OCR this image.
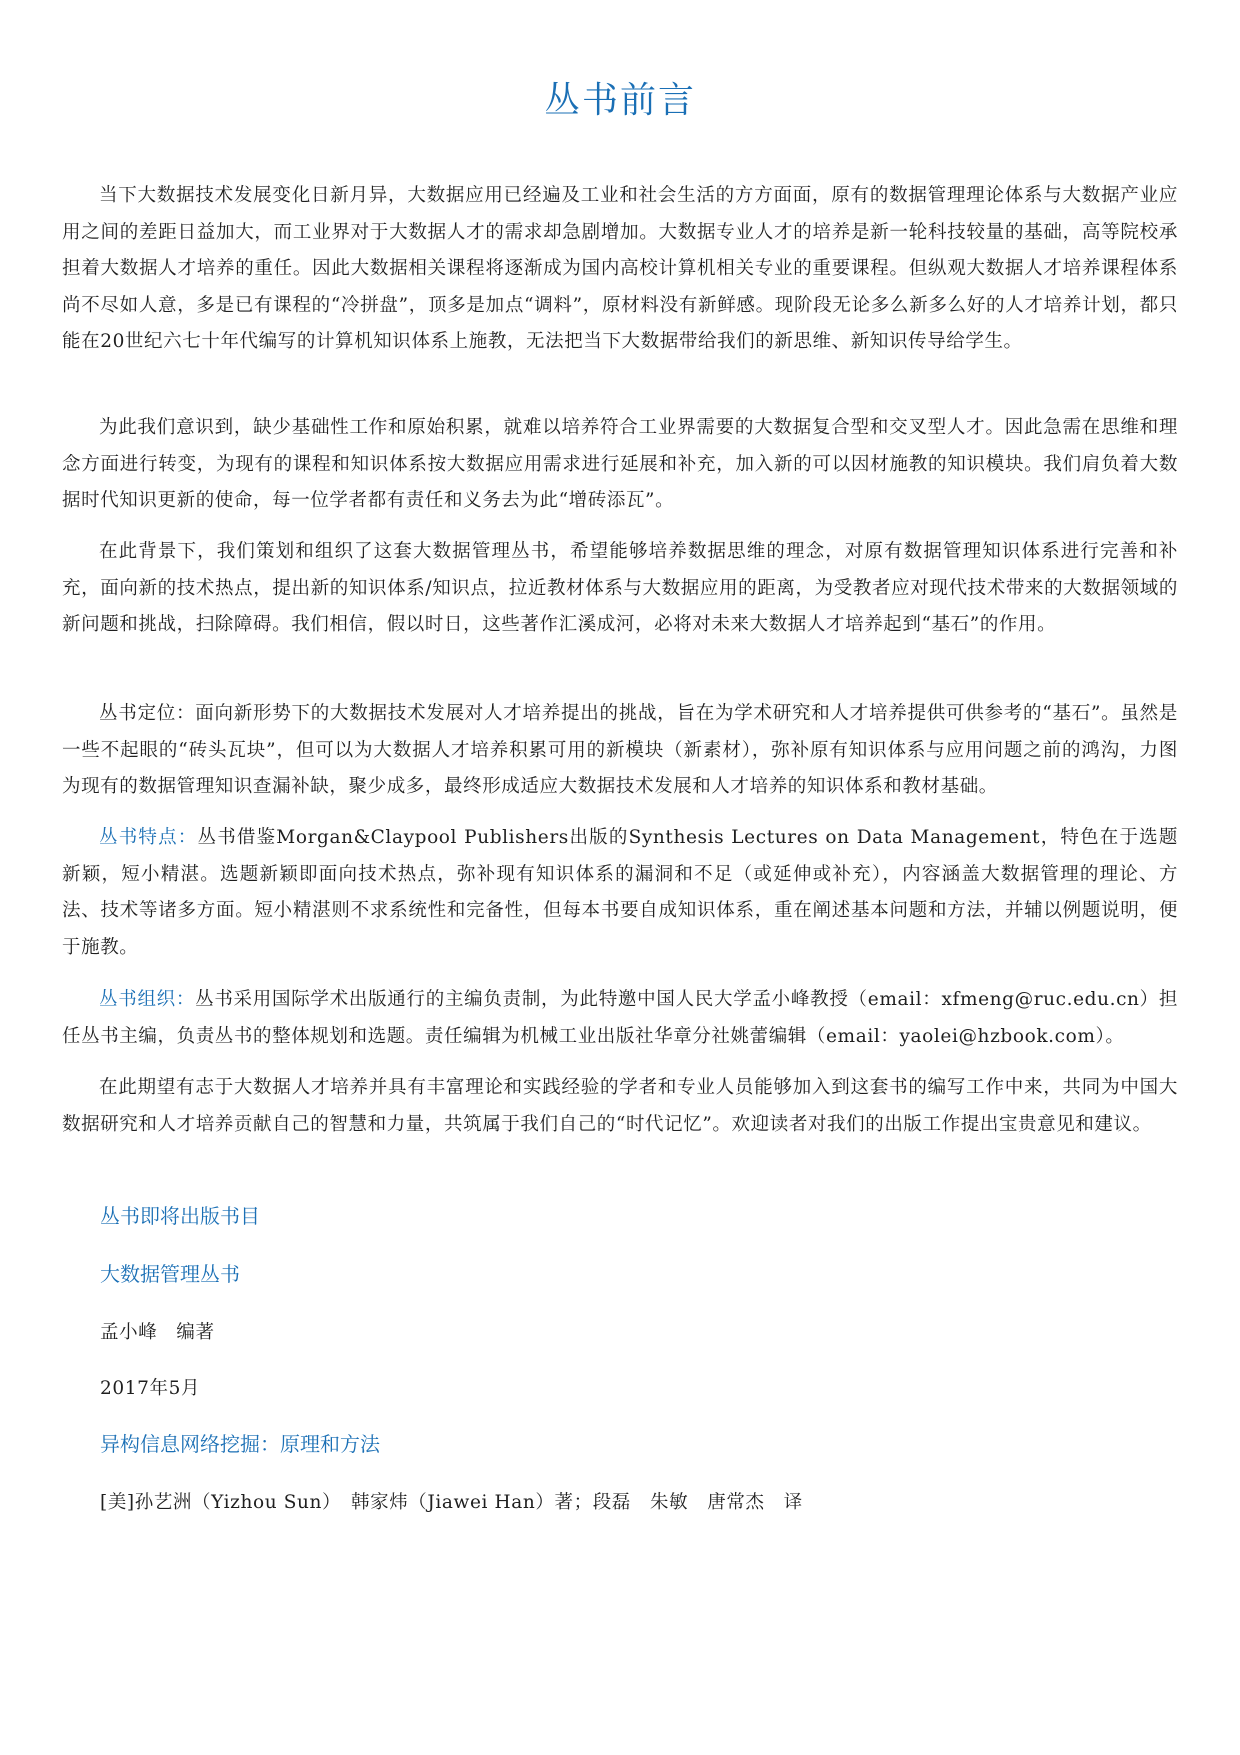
丛书前言

当下大数据技术发展变化日新月异，大数据应用已经遍及工业和社会生活的方方面面，原有的数据管理理论体系与大数据产业应用之间的差距日益加大，而工业界对于大数据人才的需求却急剧增加。大数据专业人才的培养是新一轮科技较量的基础，高等院校承担着大数据人才培养的重任。因此大数据相关课程将逐渐成为国内高校计算机相关专业的重要课程。但纵观大数据人才培养课程体系尚不尽如人意，多是已有课程的“冷拼盘”，顶多是加点“调料”，原材料没有新鲜感。现阶段无论多么新多么好的人才培养计划，都只能在20世纪六七十年代编写的计算机知识体系上施教，无法把当下大数据带给我们的新思维、新知识传导给学生。

为此我们意识到，缺少基础性工作和原始积累，就难以培养符合工业界需要的大数据复合型和交叉型人才。因此急需在思维和理念方面进行转变，为现有的课程和知识体系按大数据应用需求进行延展和补充，加入新的可以因材施教的知识模块。我们肩负着大数据时代知识更新的使命，每一位学者都有责任和义务去为此“增砖添瓦”。

在此背景下，我们策划和组织了这套大数据管理丛书，希望能够培养数据思维的理念，对原有数据管理知识体系进行完善和补充，面向新的技术热点，提出新的知识体系/知识点，拉近教材体系与大数据应用的距离，为受教者应对现代技术带来的大数据领域的新问题和挑战，扫除障碍。我们相信，假以时日，这些著作汇溪成河，必将对未来大数据人才培养起到“基石”的作用。

丛书定位：面向新形势下的大数据技术发展对人才培养提出的挑战，旨在为学术研究和人才培养提供可供参考的“基石”。虽然是一些不起眼的“砖头瓦块”，但可以为大数据人才培养积累可用的新模块（新素材），弥补原有知识体系与应用问题之前的鸿沟，力图为现有的数据管理知识查漏补缺，聚少成多，最终形成适应大数据技术发展和人才培养的知识体系和教材基础。

丛书特点：丛书借鉴Morgan&Claypool Publishers出版的Synthesis Lectures on Data Management，特色在于选题新颖，短小精湛。选题新颖即面向技术热点，弥补现有知识体系的漏洞和不足（或延伸或补充），内容涵盖大数据管理的理论、方法、技术等诸多方面。短小精湛则不求系统性和完备性，但每本书要自成知识体系，重在阐述基本问题和方法，并辅以例题说明，便于施教。

丛书组织：丛书采用国际学术出版通行的主编负责制，为此特邀中国人民大学孟小峰教授（email：xfmeng@ruc.edu.cn）担任丛书主编，负责丛书的整体规划和选题。责任编辑为机械工业出版社华章分社姚蕾编辑（email：yaolei@hzbook.com）。

在此期望有志于大数据人才培养并具有丰富理论和实践经验的学者和专业人员能够加入到这套书的编写工作中来，共同为中国大数据研究和人才培养贡献自己的智慧和力量，共筑属于我们自己的“时代记忆”。欢迎读者对我们的出版工作提出宝贵意见和建议。

丛书即将出版书目
大数据管理丛书

孟小峰　编著

2017年5月

异构信息网络挖掘：原理和方法

[美]孙艺洲（Yizhou Sun）　韩家炜（Jiawei Han）著；段磊　朱敏　唐常杰　译
